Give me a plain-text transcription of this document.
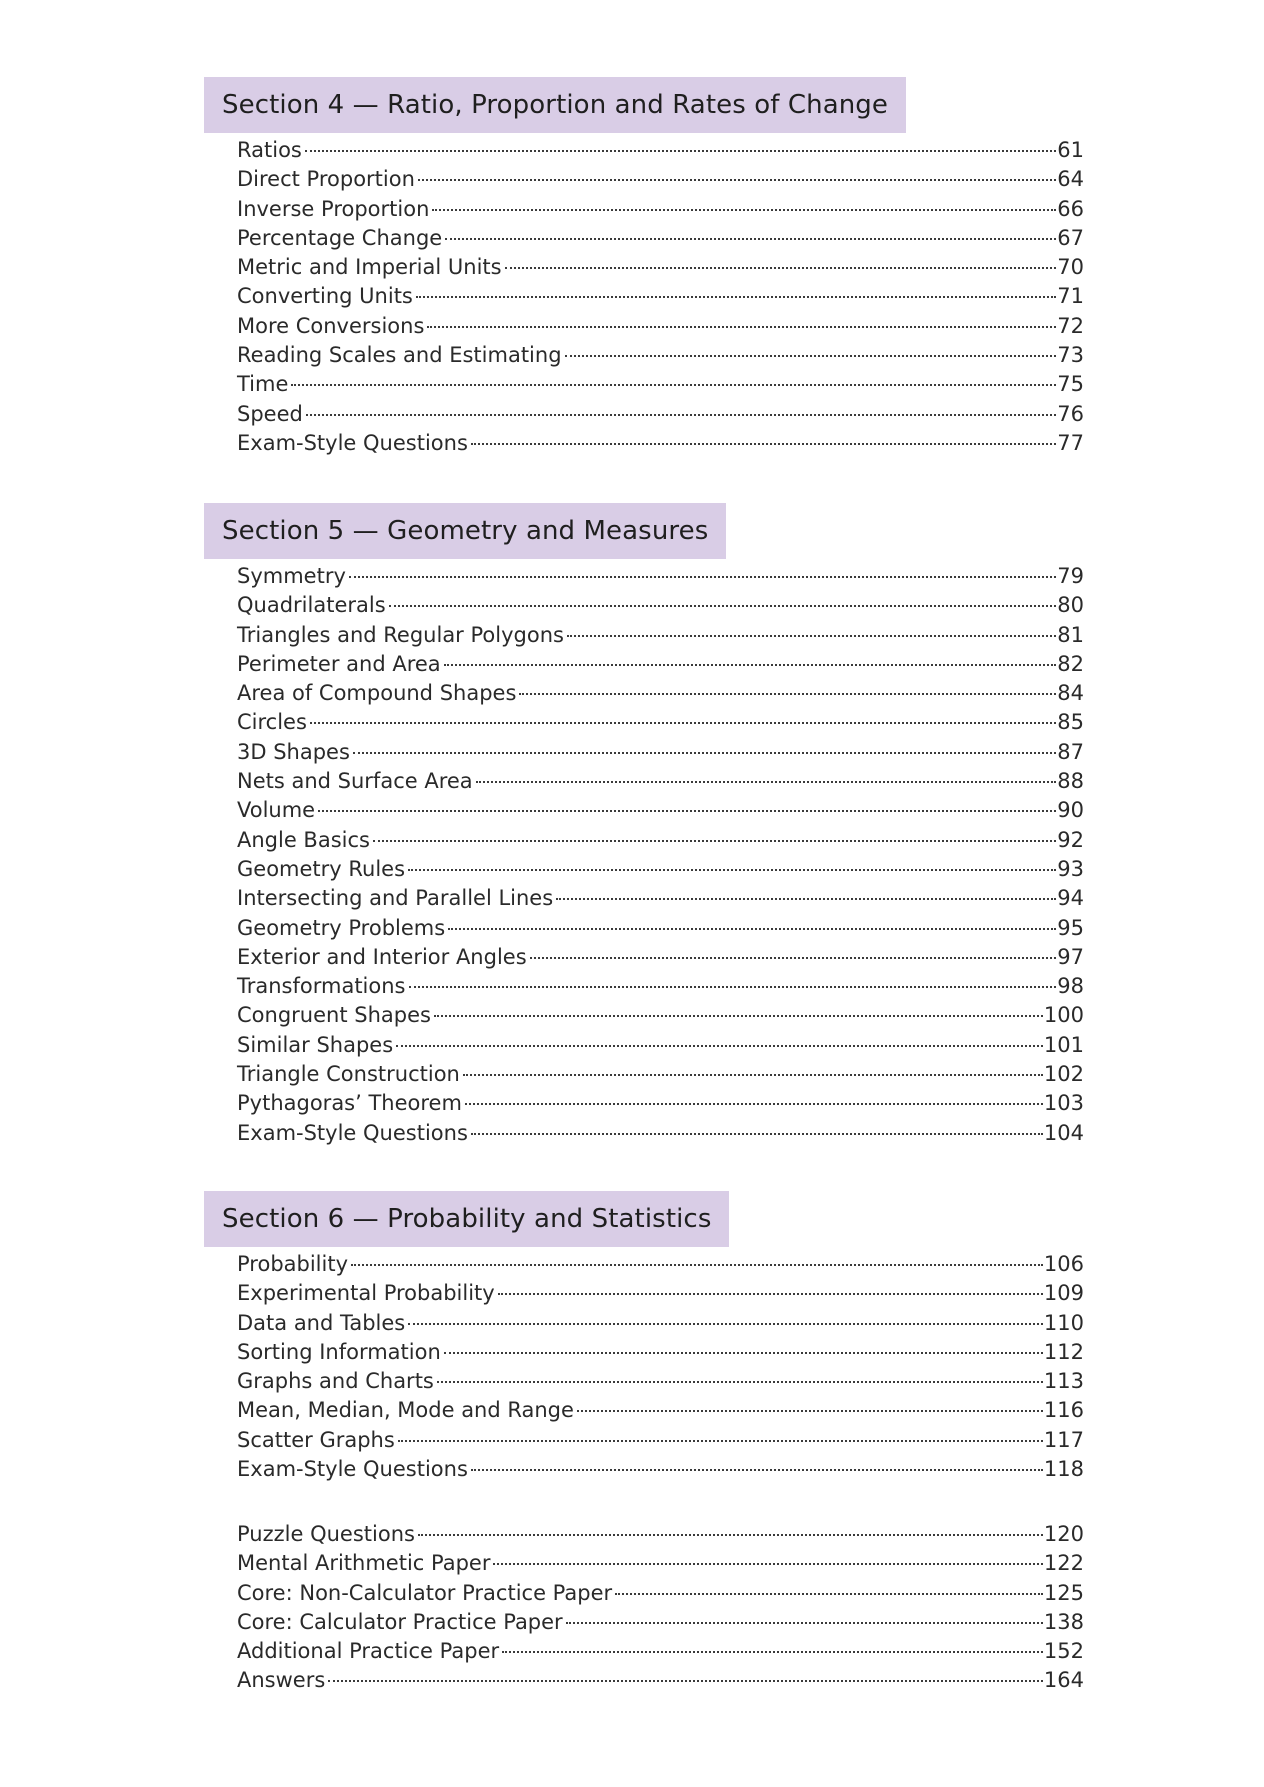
Section 4 — Ratio, Proportion and Rates of Change
Ratios	61
Direct Proportion	64
Inverse Proportion	66
Percentage Change	67
Metric and Imperial Units	70
Converting Units	71
More Conversions	72
Reading Scales and Estimating	73
Time	75
Speed	76
Exam-Style Questions	77
Section 5 — Geometry and Measures
Symmetry	79
Quadrilaterals	80
Triangles and Regular Polygons	81
Perimeter and Area	82
Area of Compound Shapes	84
Circles	85
3D Shapes	87
Nets and Surface Area	88
Volume	90
Angle Basics	92
Geometry Rules	93
Intersecting and Parallel Lines	94
Geometry Problems	95
Exterior and Interior Angles	97
Transformations	98
Congruent Shapes	100
Similar Shapes	101
Triangle Construction	102
Pythagoras’ Theorem	103
Exam-Style Questions	104
Section 6 — Probability and Statistics
Probability	106
Experimental Probability	109
Data and Tables	110
Sorting Information	112
Graphs and Charts	113
Mean, Median, Mode and Range	116
Scatter Graphs	117
Exam-Style Questions	118
Puzzle Questions	120
Mental Arithmetic Paper	122
Core: Non-Calculator Practice Paper	125
Core: Calculator Practice Paper	138
Additional Practice Paper	152
Answers	164
